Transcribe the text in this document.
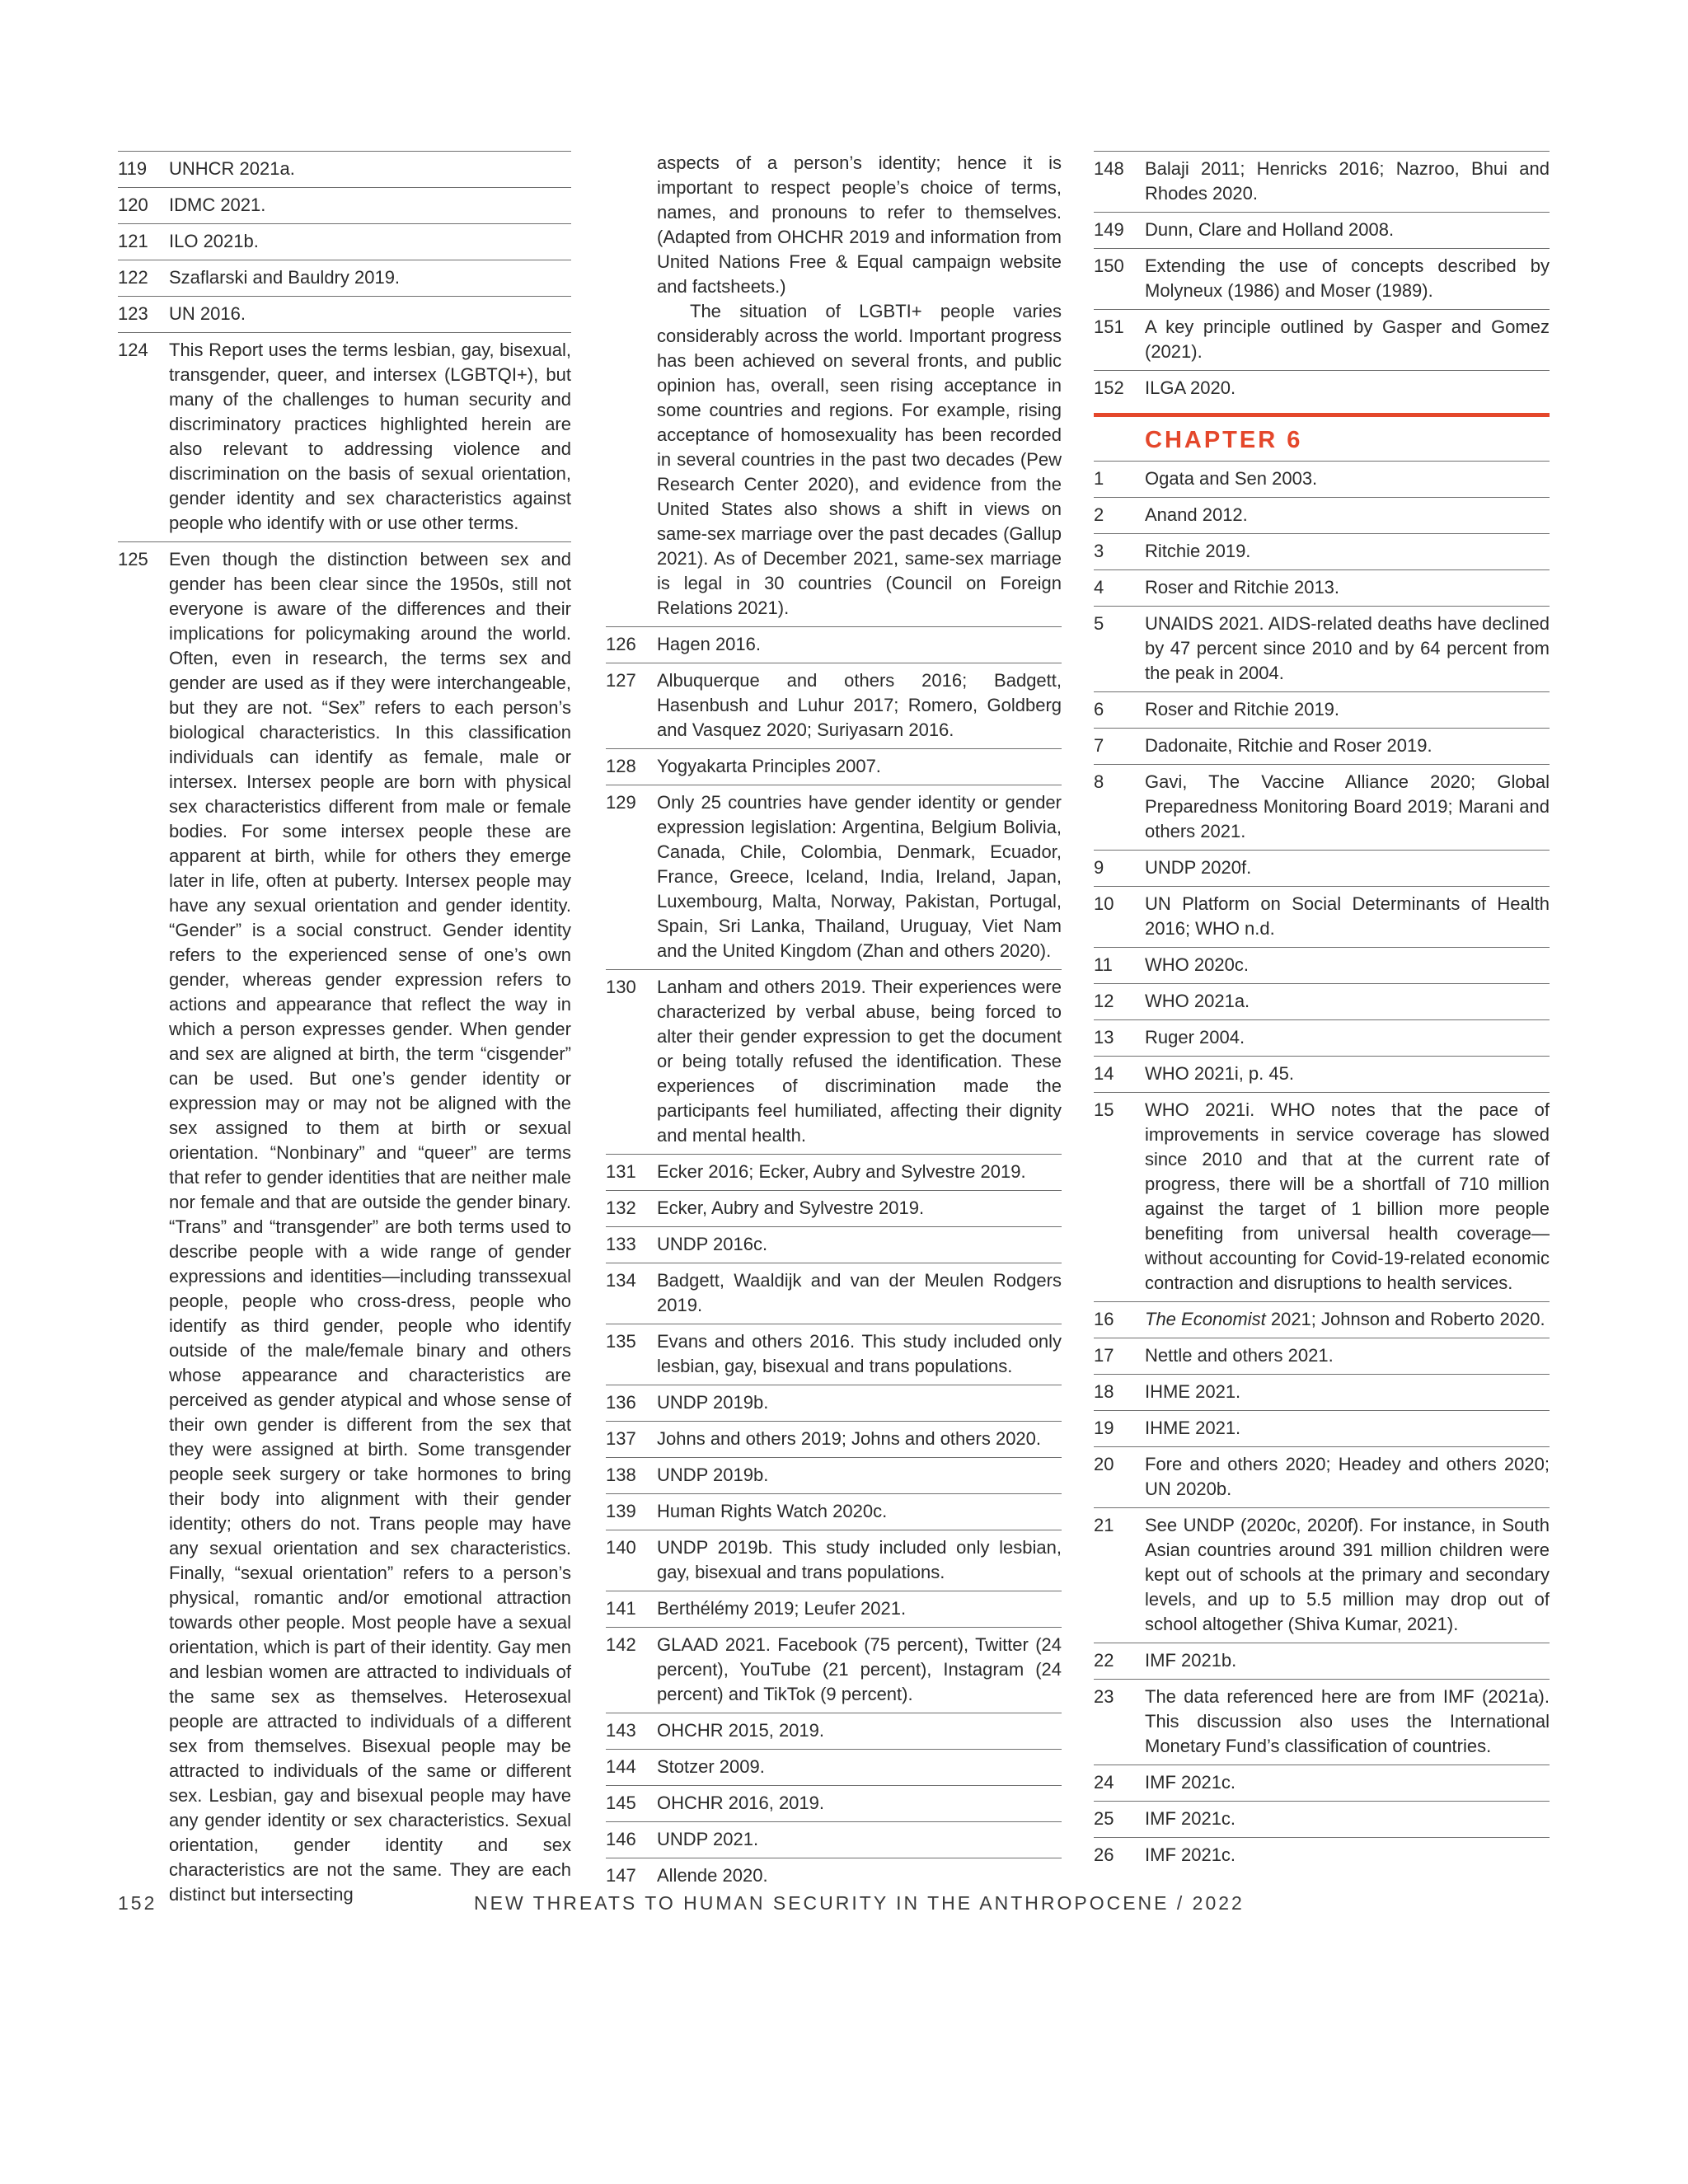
119	UNHCR 2021a.
120	IDMC 2021.
121	ILO 2021b.
122	Szaflarski and Bauldry 2019.
123	UN 2016.
124	This Report uses the terms lesbian, gay, bisexual, transgender, queer, and intersex (LGBTQI+), but many of the challenges to human security and discriminatory practices highlighted herein are also relevant to addressing violence and discrimination on the basis of sexual orientation, gender identity and sex characteristics against people who identify with or use other terms.
125	Even though the distinction between sex and gender has been clear since the 1950s, still not everyone is aware of the differences and their implications for policymaking around the world. Often, even in research, the terms sex and gender are used as if they were interchangeable, but they are not. “Sex” refers to each person’s biological characteristics. In this classification individuals can identify as female, male or intersex. Intersex people are born with physical sex characteristics different from male or female bodies. For some intersex people these are apparent at birth, while for others they emerge later in life, often at puberty. Intersex people may have any sexual orientation and gender identity. “Gender” is a social construct. Gender identity refers to the experienced sense of one’s own gender, whereas gender expression refers to actions and appearance that reflect the way in which a person expresses gender. When gender and sex are aligned at birth, the term “cisgender” can be used. But one’s gender identity or expression may or may not be aligned with the sex assigned to them at birth or sexual orientation. “Nonbinary” and “queer” are terms that refer to gender identities that are neither male nor female and that are outside the gender binary. “Trans” and “transgender” are both terms used to describe people with a wide range of gender expressions and identities—including transsexual people, people who cross-dress, people who identify as third gender, people who identify outside of the male/female binary and others whose appearance and characteristics are perceived as gender atypical and whose sense of their own gender is different from the sex that they were assigned at birth. Some transgender people seek surgery or take hormones to bring their body into alignment with their gender identity; others do not. Trans people may have any sexual orientation and sex characteristics. Finally, “sexual orientation” refers to a person’s physical, romantic and/or emotional attraction towards other people. Most people have a sexual orientation, which is part of their identity. Gay men and lesbian women are attracted to individuals of the same sex as themselves. Heterosexual people are attracted to individuals of a different sex from themselves. Bisexual people may be attracted to individuals of the same or different sex. Lesbian, gay and bisexual people may have any gender identity or sex characteristics. Sexual orientation, gender identity and sex characteristics are not the same. They are each distinct but intersecting

aspects of a person’s identity; hence it is important to respect people’s choice of terms, names, and pronouns to refer to themselves. (Adapted from OHCHR 2019 and information from United Nations Free & Equal campaign website and factsheets.)

The situation of LGBTI+ people varies considerably across the world. Important progress has been achieved on several fronts, and public opinion has, overall, seen rising acceptance in some countries and regions. For example, rising acceptance of homosexuality has been recorded in several countries in the past two decades (Pew Research Center 2020), and evidence from the United States also shows a shift in views on same-sex marriage over the past decades (Gallup 2021). As of December 2021, same-sex marriage is legal in 30 countries (Council on Foreign Relations 2021).

126	Hagen 2016.
127	Albuquerque and others 2016; Badgett, Hasenbush and Luhur 2017; Romero, Goldberg and Vasquez 2020; Suriyasarn 2016.
128	Yogyakarta Principles 2007.
129	Only 25 countries have gender identity or gender expression legislation: Argentina, Belgium Bolivia, Canada, Chile, Colombia, Denmark, Ecuador, France, Greece, Iceland, India, Ireland, Japan, Luxembourg, Malta, Norway, Pakistan, Portugal, Spain, Sri Lanka, Thailand, Uruguay, Viet Nam and the United Kingdom (Zhan and others 2020).
130	Lanham and others 2019. Their experiences were characterized by verbal abuse, being forced to alter their gender expression to get the document or being totally refused the identification. These experiences of discrimination made the participants feel humiliated, affecting their dignity and mental health.
131	Ecker 2016; Ecker, Aubry and Sylvestre 2019.
132	Ecker, Aubry and Sylvestre 2019.
133	UNDP 2016c.
134	Badgett, Waaldijk and van der Meulen Rodgers 2019.
135	Evans and others 2016. This study included only lesbian, gay, bisexual and trans populations.
136	UNDP 2019b.
137	Johns and others 2019; Johns and others 2020.
138	UNDP 2019b.
139	Human Rights Watch 2020c.
140	UNDP 2019b. This study included only lesbian, gay, bisexual and trans populations.
141	Berthélémy 2019; Leufer 2021.
142	GLAAD 2021. Facebook (75 percent), Twitter (24 percent), YouTube (21 percent), Instagram (24 percent) and TikTok (9 percent).
143	OHCHR 2015, 2019.
144	Stotzer 2009.
145	OHCHR 2016, 2019.
146	UNDP 2021.
147	Allende 2020.
148	Balaji 2011; Henricks 2016; Nazroo, Bhui and Rhodes 2020.
149	Dunn, Clare and Holland 2008.
150	Extending the use of concepts described by Molyneux (1986) and Moser (1989).
151	A key principle outlined by Gasper and Gomez (2021).
152	ILGA 2020.
CHAPTER 6
1	Ogata and Sen 2003.
2	Anand 2012.
3	Ritchie 2019.
4	Roser and Ritchie 2013.
5	UNAIDS 2021. AIDS-related deaths have declined by 47 percent since 2010 and by 64 percent from the peak in 2004.
6	Roser and Ritchie 2019.
7	Dadonaite, Ritchie and Roser 2019.
8	Gavi, The Vaccine Alliance 2020; Global Preparedness Monitoring Board 2019; Marani and others 2021.
9	UNDP 2020f.
10	UN Platform on Social Determinants of Health 2016; WHO n.d.
11	WHO 2020c.
12	WHO 2021a.
13	Ruger 2004.
14	WHO 2021i, p. 45.
15	WHO 2021i. WHO notes that the pace of improvements in service coverage has slowed since 2010 and that at the current rate of progress, there will be a shortfall of 710 million against the target of 1 billion more people benefiting from universal health coverage—without accounting for Covid-19-related economic contraction and disruptions to health services.
16	The Economist 2021; Johnson and Roberto 2020.
17	Nettle and others 2021.
18	IHME 2021.
19	IHME 2021.
20	Fore and others 2020; Headey and others 2020; UN 2020b.
21	See UNDP (2020c, 2020f). For instance, in South Asian countries around 391 million children were kept out of schools at the primary and secondary levels, and up to 5.5 million may drop out of school altogether (Shiva Kumar, 2021).
22	IMF 2021b.
23	The data referenced here are from IMF (2021a). This discussion also uses the International Monetary Fund’s classification of countries.
24	IMF 2021c.
25	IMF 2021c.
26	IMF 2021c.
152	NEW THREATS TO HUMAN SECURITY IN THE ANTHROPOCENE / 2022
